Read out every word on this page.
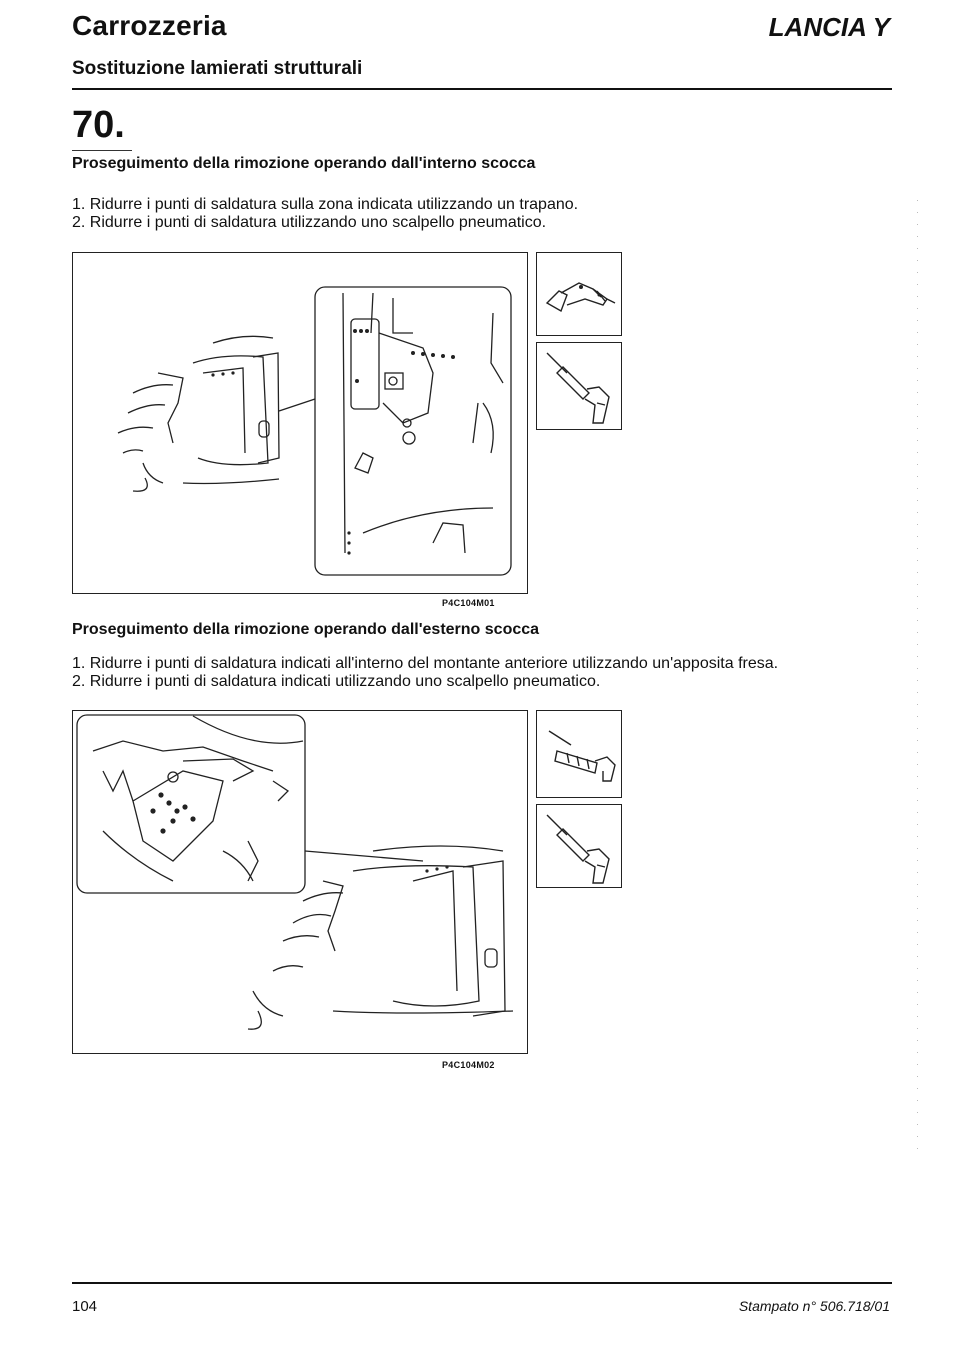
Carrozzeria	LANCIA Y
Sostituzione lamierati strutturali
70.
Proseguimento della rimozione operando dall'interno scocca
1. Ridurre i punti di saldatura sulla zona indicata utilizzando un trapano.
2. Ridurre i punti di saldatura utilizzando uno scalpello pneumatico.
P4C104M01
Proseguimento della rimozione operando dall'esterno scocca
1. Ridurre i punti di saldatura indicati all'interno del montante anteriore utilizzando un'apposita fresa.
2. Ridurre i punti di saldatura indicati utilizzando uno scalpello pneumatico.
P4C104M02
104	Stampato n° 506.718/01
